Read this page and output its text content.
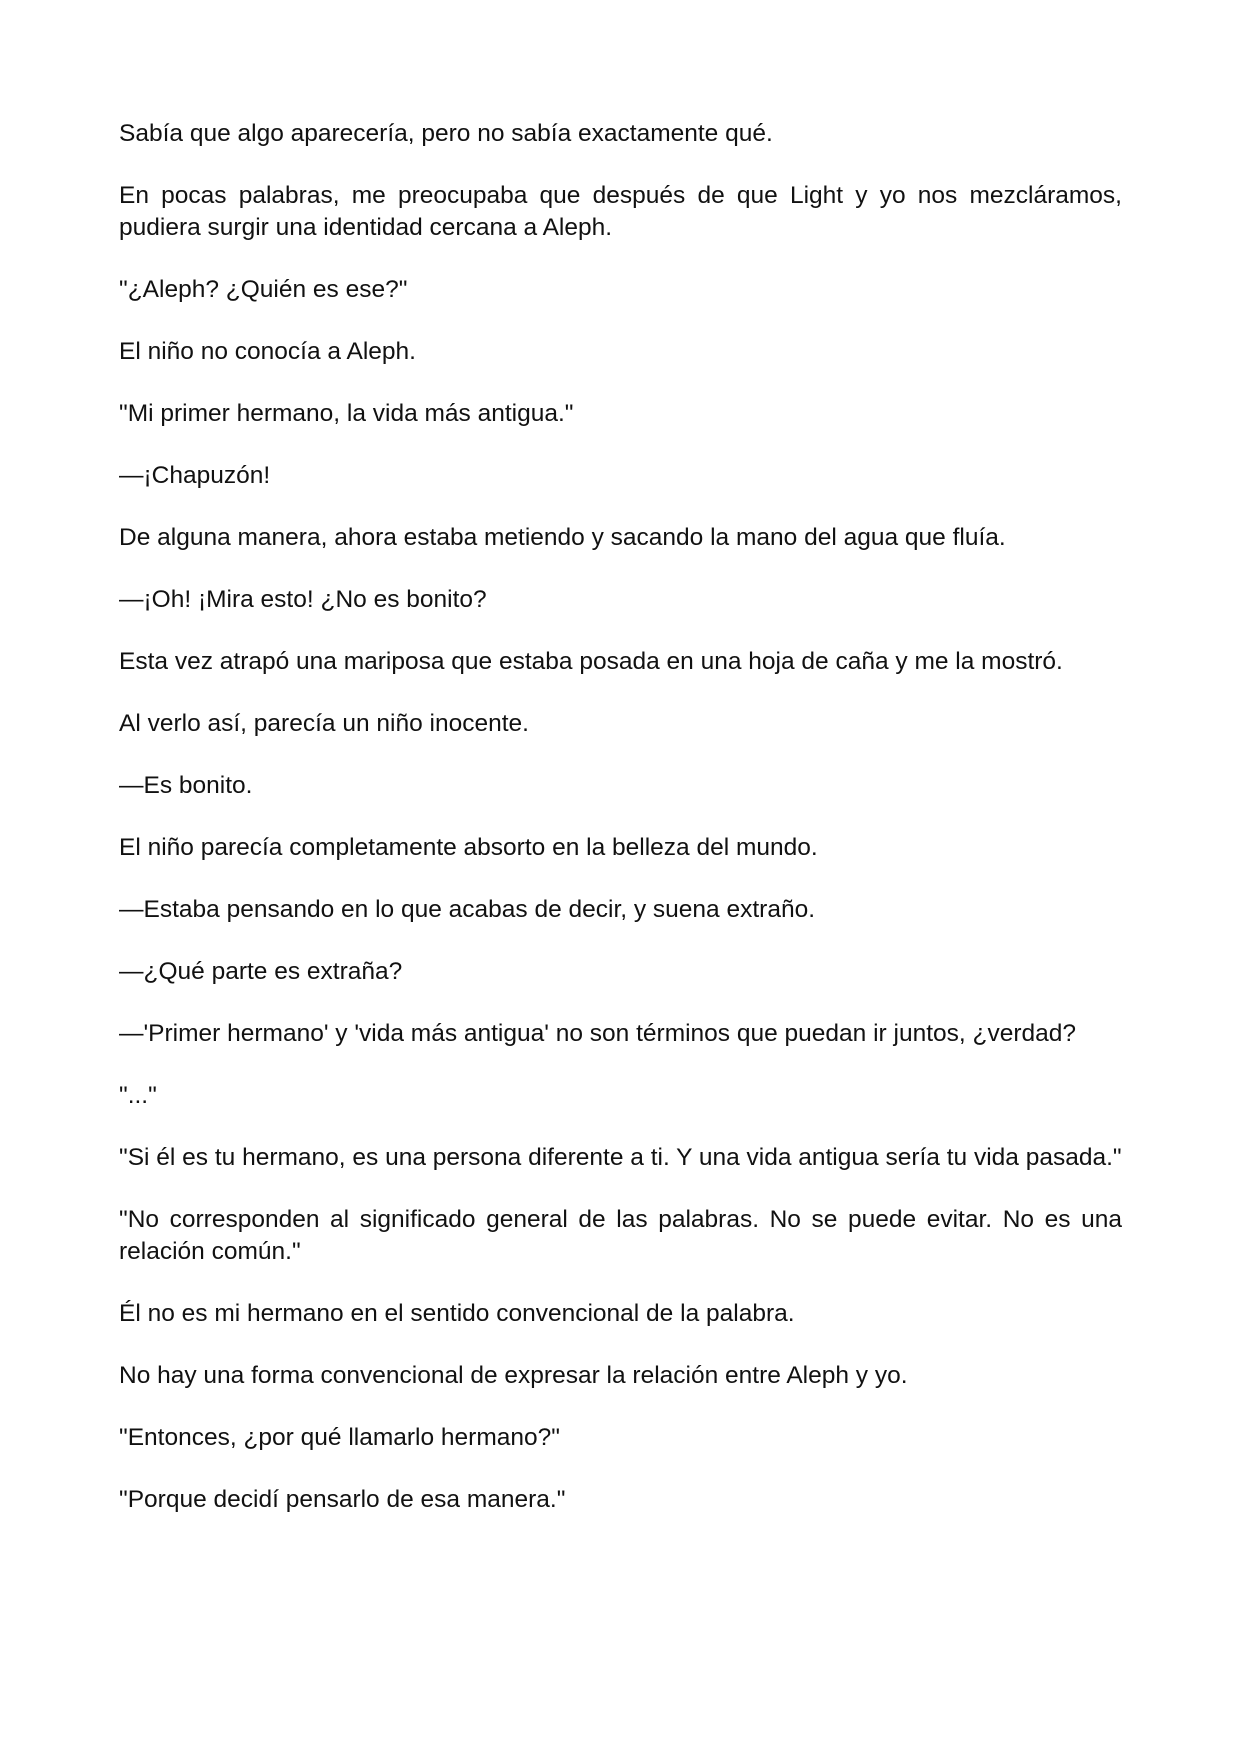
Sabía que algo aparecería, pero no sabía exactamente qué.

En pocas palabras, me preocupaba que después de que Light y yo nos mezcláramos, pudiera surgir una identidad cercana a Aleph.

"¿Aleph? ¿Quién es ese?"

El niño no conocía a Aleph.

"Mi primer hermano, la vida más antigua."

—¡Chapuzón!

De alguna manera, ahora estaba metiendo y sacando la mano del agua que fluía.

—¡Oh! ¡Mira esto! ¿No es bonito?

Esta vez atrapó una mariposa que estaba posada en una hoja de caña y me la mostró.

Al verlo así, parecía un niño inocente.

—Es bonito.

El niño parecía completamente absorto en la belleza del mundo.

—Estaba pensando en lo que acabas de decir, y suena extraño.

—¿Qué parte es extraña?

—'Primer hermano' y 'vida más antigua' no son términos que puedan ir juntos, ¿verdad?

"..."

"Si él es tu hermano, es una persona diferente a ti. Y una vida antigua sería tu vida pasada."

"No corresponden al significado general de las palabras. No se puede evitar. No es una relación común."

Él no es mi hermano en el sentido convencional de la palabra.

No hay una forma convencional de expresar la relación entre Aleph y yo.

"Entonces, ¿por qué llamarlo hermano?"

"Porque decidí pensarlo de esa manera."
